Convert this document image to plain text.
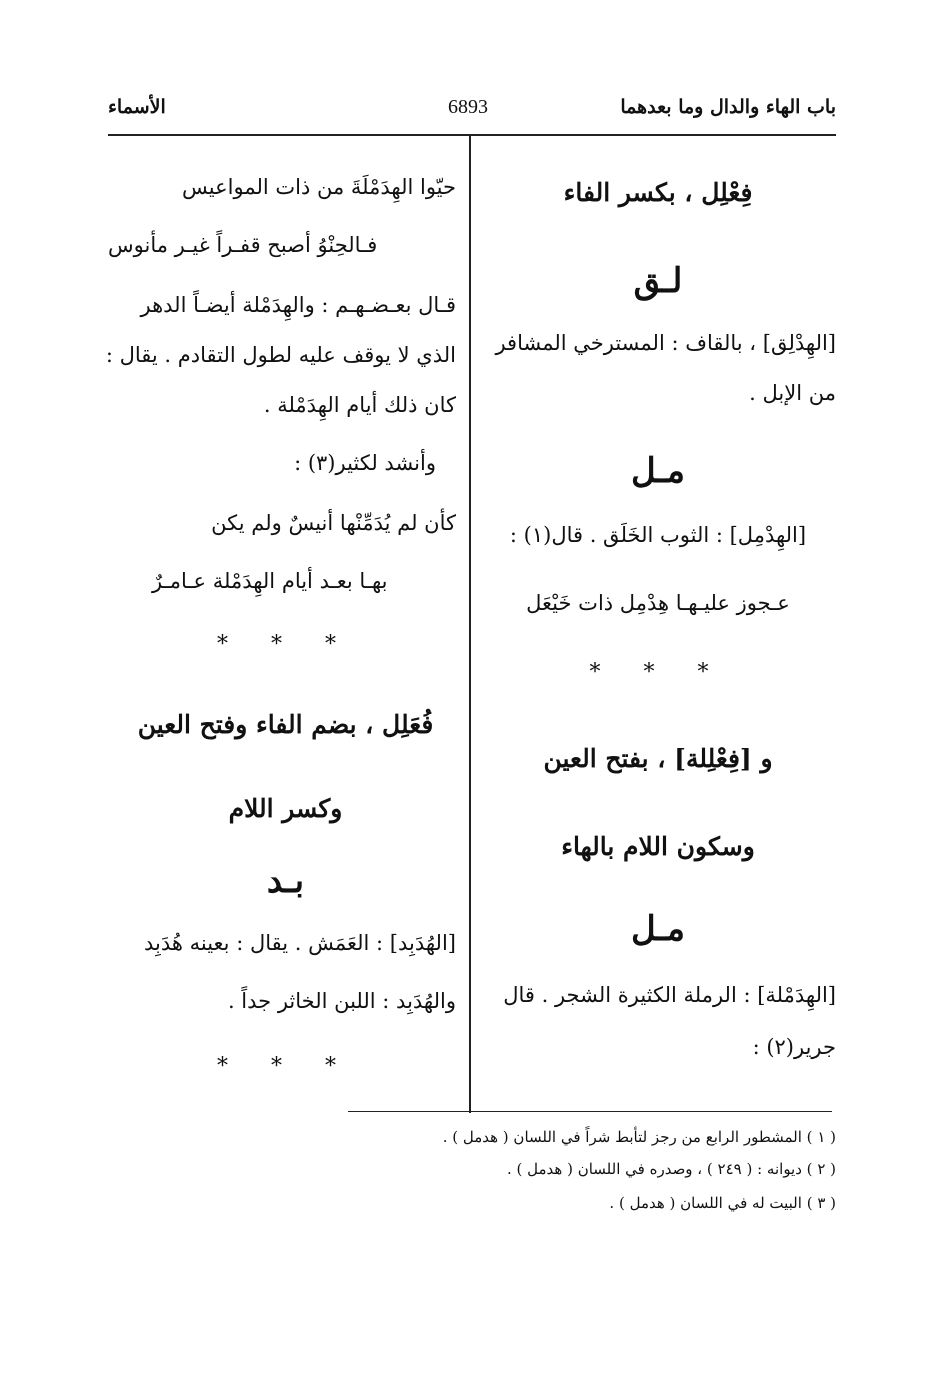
باب الهاء والدال وما بعدهما
6893
الأسماء
فِعْلِل ، بكسر الفاء
لـق
[الهِدْلِق] ، بالقاف : المسترخي المشافر
من الإبل .
مـل
[الهِدْمِل] : الثوب الخَلَق . قال(١) :
عـجوز عليـهـا هِدْمِل ذات خَيْعَل
* * *
و [فِعْلِلة] ، بفتح العين
وسكون اللام بالهاء
مـل
[الهِدَمْلة] : الرملة الكثيرة الشجر . قال
جرير(٢) :
حيّوا الهِدَمْلَةَ من ذات المواعيس
فـالحِنْوُ أصبح قفـراً غيـر مأنوس
قـال بعـضـهـم : والهِدَمْلة أيضـاً الدهر
الذي لا يوقف عليه لطول التقادم . يقال :
كان ذلك أيام الهِدَمْلة .
وأنشد لكثير(٣) :
كأن لم يُدَمِّنْها أنيسٌ ولم يكن
بهـا بعـد أيام الهِدَمْلة عـامـرٌ
* * *
فُعَلِل ، بضم الفاء وفتح العين
وكسر اللام
بـد
[الهُدَبِد] : العَمَش . يقال : بعينه هُدَبِد
والهُدَبِد : اللبن الخاثر جداً .
* * *
( ١ ) المشطور الرابع من رجز لتأبط شراً في اللسان ( هدمل ) .
( ٢ ) ديوانه : ( ٢٤٩ ) ، وصدره في اللسان ( هدمل ) .
( ٣ ) البيت له في اللسان ( هدمل ) .
